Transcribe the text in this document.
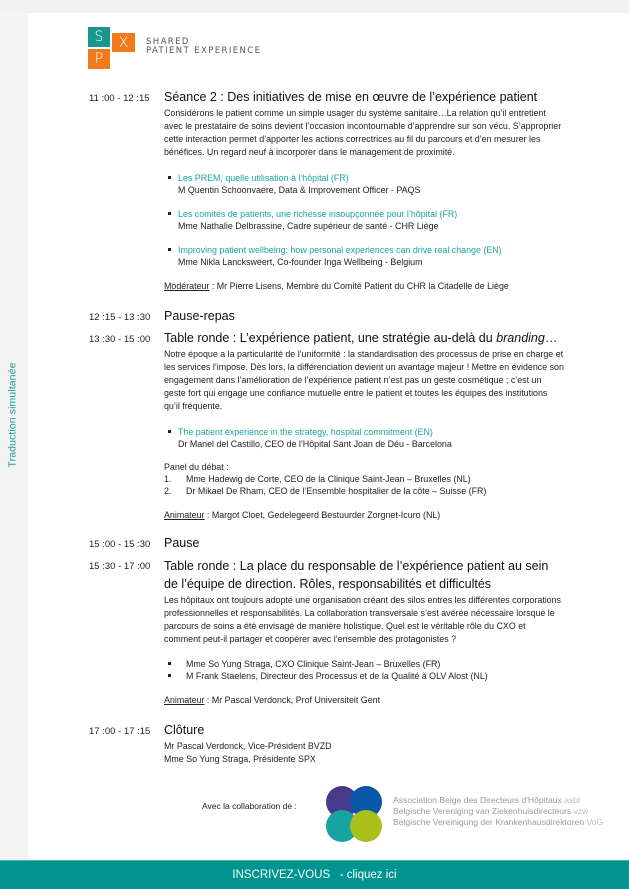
Traduction simultanée
S	X
P
SHARED
PATIENT EXPERIENCE
11 :00 - 12 :15 Séance 2 : Des initiatives de mise en œuvre de l’expérience patient
Considérons le patient comme un simple usager du système sanitaire…La relation qu’il entretient avec le prestataire de soins devient l’occasion incontournable d’apprendre sur son vécu. S’approprier cette interaction permet d’apporter les actions correctrices au fil du parcours et d’en mesurer les bénéfices. Un regard neuf à incorporer dans le management de proximité.
Les PREM, quelle utilisation à l’hôpital (FR)
M Quentin Schoonvaere, Data & Improvement Officer - PAQS
Les comités de patients, une richesse insoupçonnée pour l’hôpital (FR)
Mme Nathalie Delbrassine, Cadre supérieur de santé - CHR Liège
Improving patient wellbeing: how personal experiences can drive real change (EN)
Mme Nikla Lancksweert, Co-founder Inga Wellbeing - Belgium
Modérateur : Mr Pierre Lisens, Membre du Comité Patient du CHR la Citadelle de Liège
12 :15 - 13 :30 Pause-repas
13 :30 - 15 :00 Table ronde : L’expérience patient, une stratégie au-delà du branding…
Notre époque a la particularité de l’uniformité : la standardisation des processus de prise en charge et les services l’impose. Dès lors, la différenciation devient un avantage majeur ! Mettre en évidence son engagement dans l’amélioration de l’expérience patient n’est pas un geste cosmétique ; c’est un geste fort qui engage une confiance mutuelle entre le patient et toutes les équipes des institutions qu’il fréquente.
The patient experience in the strategy, hospital commitment (EN)
Dr Manel del Castillo, CEO de l’Hôpital Sant Joan de Déu - Barcelona
Panel du débat :
1. Mme Hadewig de Corte, CEO de la Clinique Saint-Jean – Bruxelles (NL)
2. Dr Mikael De Rham, CEO de l’Ensemble hospitalier de la côte – Suisse (FR)
Animateur : Margot Cloet, Gedelegeerd Bestuurder Zorgnet-Icuro (NL)
15 :00 - 15 :30 Pause
15 :30 - 17 :00 Table ronde : La place du responsable de l’expérience patient au sein de l’équipe de direction. Rôles, responsabilités et difficultés
Les hôpitaux ont toujours adopté une organisation créant des silos entres les différentes corporations professionnelles et responsabilités. La collaboration transversale s’est avérée nécessaire lorsque le parcours de soins a été envisagé de manière holistique. Quel est le véritable rôle du CXO et comment peut-il partager et coopérer avec l’ensemble des protagonistes ?
Mme So Yung Straga, CXO Clinique Saint-Jean – Bruxelles (FR)
M Frank Staelens, Directeur des Processus et de la Qualité à OLV Alost (NL)
Animateur : Mr Pascal Verdonck, Prof Universiteit Gent
17 :00 - 17 :15 Clôture
Mr Pascal Verdonck, Vice-Président BVZD
Mme So Yung Straga, Présidente SPX
Avec la collaboration de :
Association Belge des Directeurs d'Hôpitaux asbl
Belgische Vereniging van Ziekenhuisdirecteurs vzw
Belgische Vereinigung der Krankenhausdirektoren VoG
INSCRIVEZ-VOUS   - cliquez ici
